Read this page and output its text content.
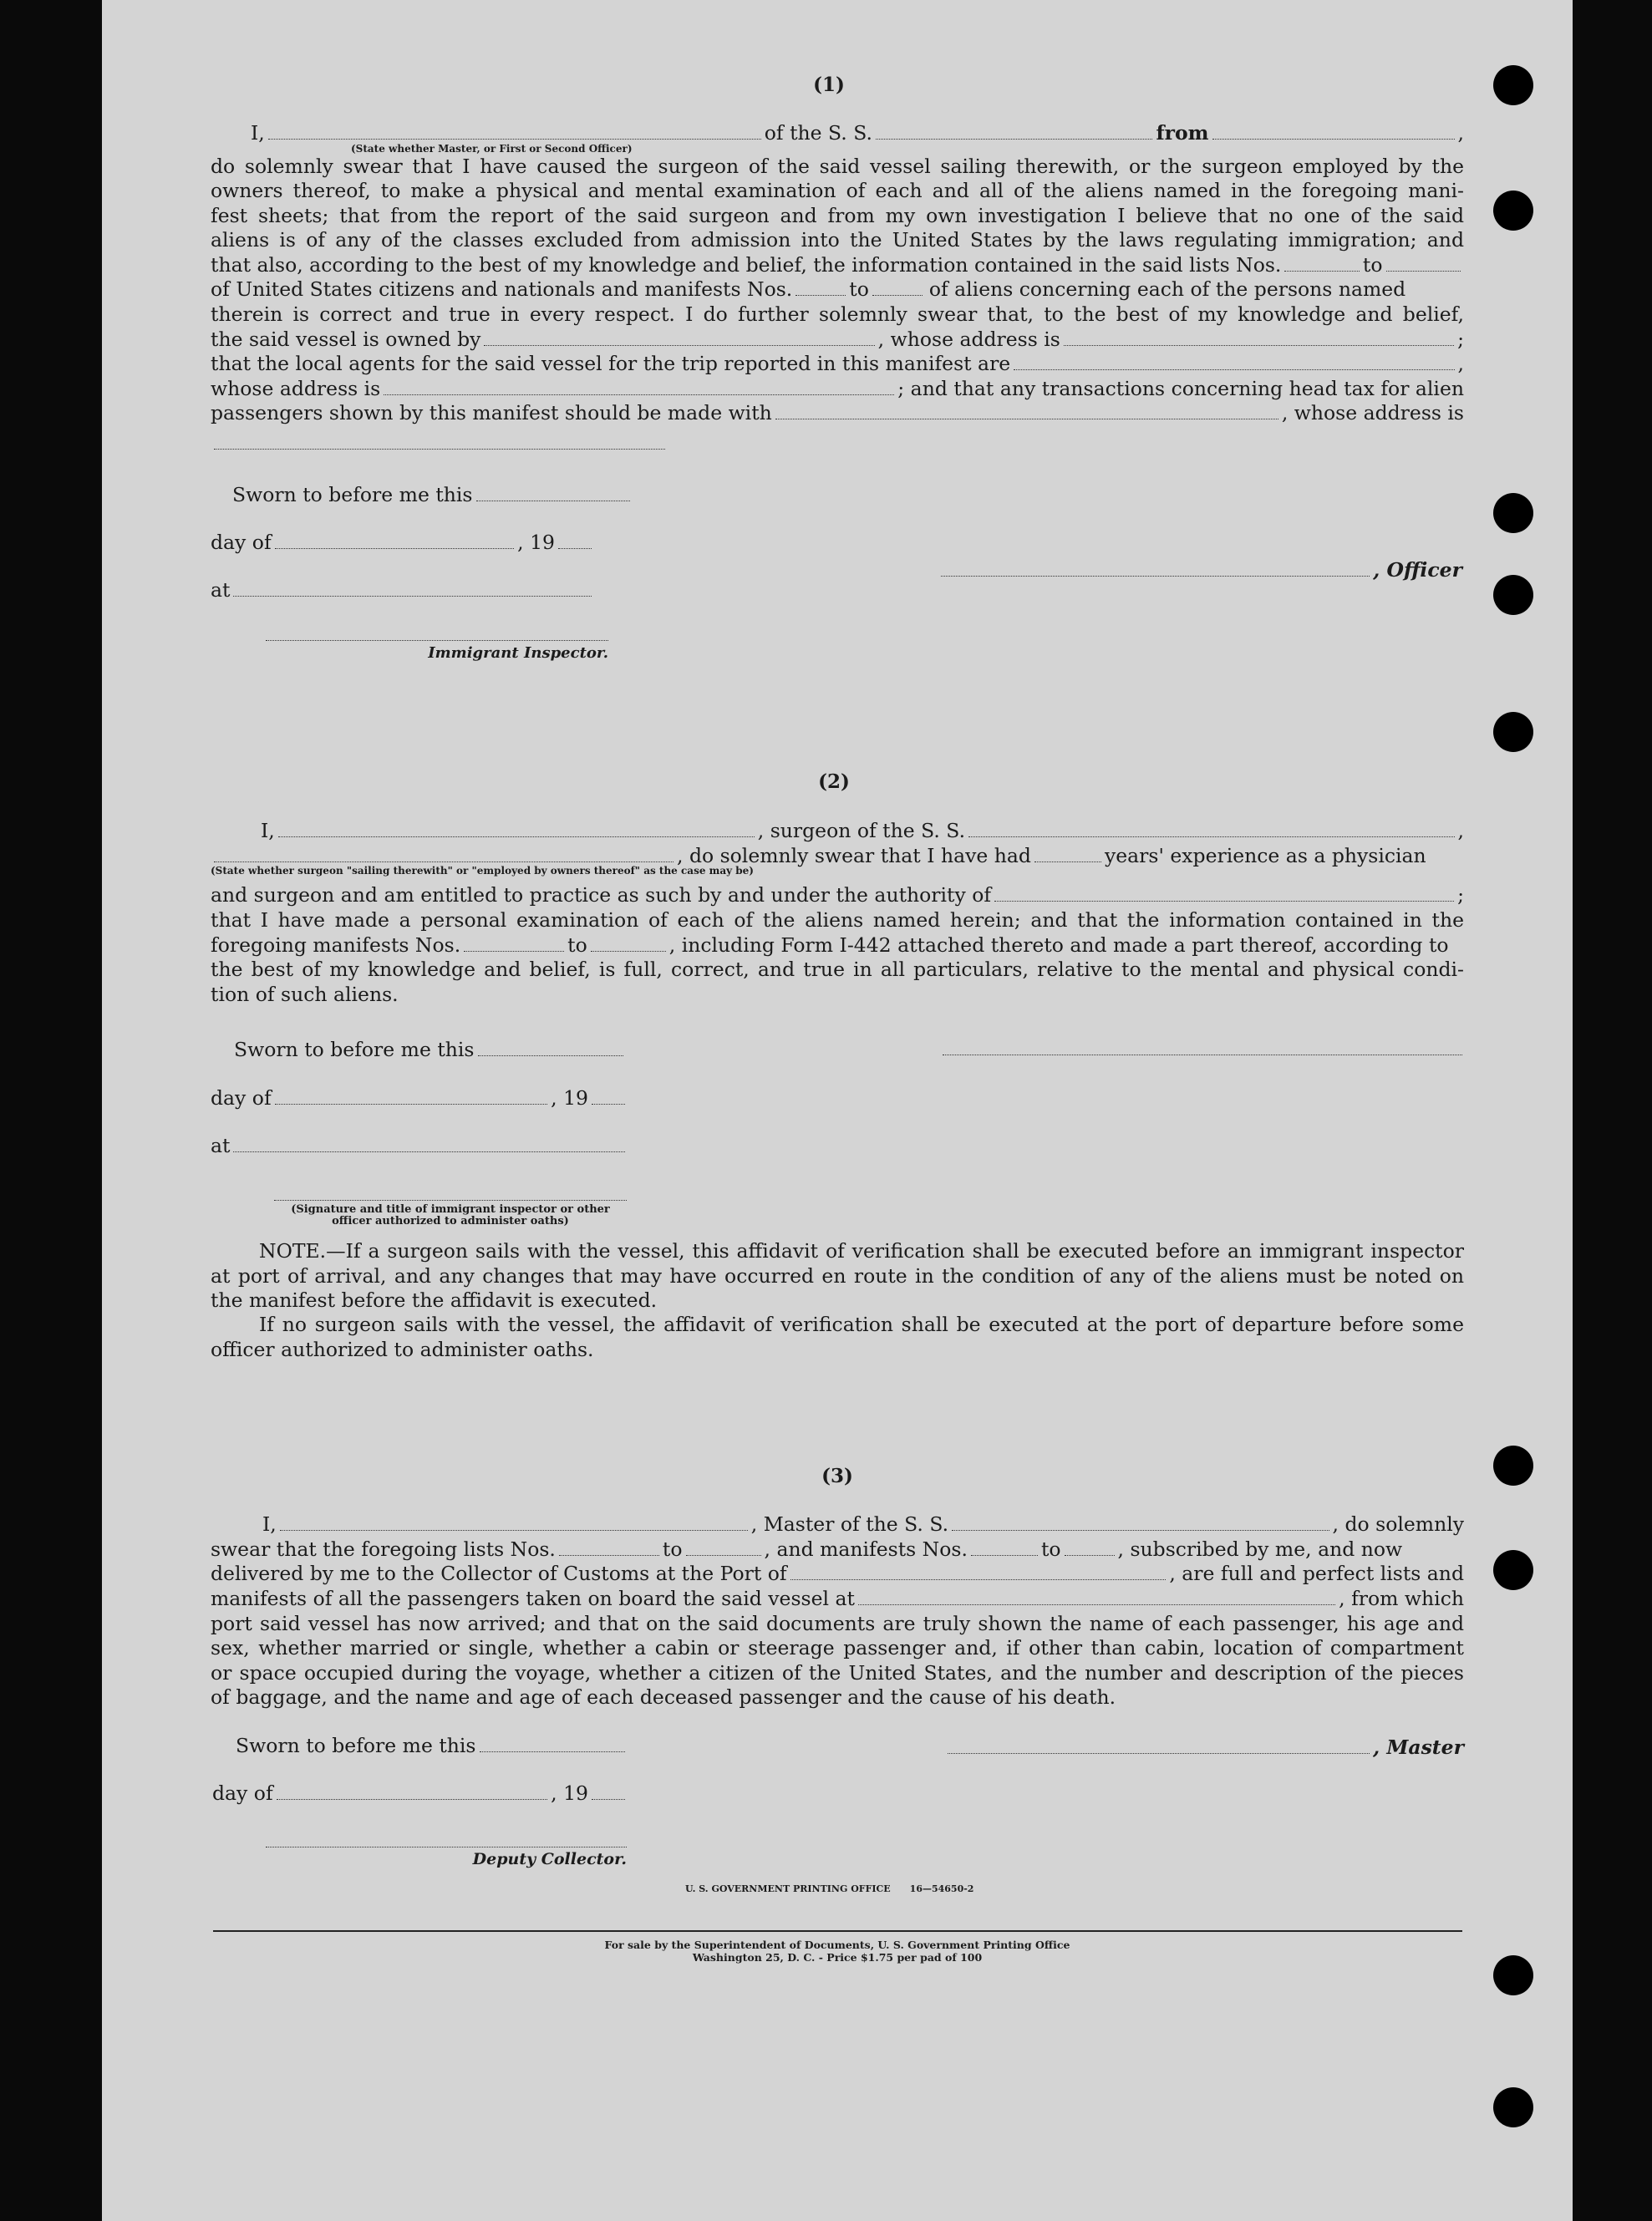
(1)
I,	of the S. S.	from	,
(State whether Master, or First or Second Officer)
do solemnly swear that I have caused the surgeon of the said vessel sailing therewith, or the surgeon employed by the
owners thereof, to make a physical and mental examination of each and all of the aliens named in the foregoing mani-
fest sheets; that from the report of the said surgeon and from my own investigation I believe that no one of the said
aliens is of any of the classes excluded from admission into the United States by the laws regulating immigration; and
that also, according to the best of my knowledge and belief, the information contained in the said lists Nos.	to
of United States citizens and nationals and manifests Nos.	to	of aliens concerning each of the persons named
therein is correct and true in every respect. I do further solemnly swear that, to the best of my knowledge and belief,
the said vessel is owned by	, whose address is	;
that the local agents for the said vessel for the trip reported in this manifest are	,
whose address is	; and that any transactions concerning head tax for alien
passengers shown by this manifest should be made with	, whose address is
Sworn to before me this
day of	, 19
at
, Officer
Immigrant Inspector.
(2)
I,	, surgeon of the S. S.	,
, do solemnly swear that I have had	years' experience as a physician
(State whether surgeon "sailing therewith" or "employed by owners thereof" as the case may be)
and surgeon and am entitled to practice as such by and under the authority of	;
that I have made a personal examination of each of the aliens named herein; and that the information contained in the
foregoing manifests Nos.	to	, including Form I-442 attached thereto and made a part thereof, according to
the best of my knowledge and belief, is full, correct, and true in all particulars, relative to the mental and physical condi-
tion of such aliens.
Sworn to before me this
day of	, 19
at
(Signature and title of immigrant inspector or other officer authorized to administer oaths)
NOTE.—If a surgeon sails with the vessel, this affidavit of verification shall be executed before an immigrant inspector at port of arrival, and any changes that may have occurred en route in the condition of any of the aliens must be noted on the manifest before the affidavit is executed.
If no surgeon sails with the vessel, the affidavit of verification shall be executed at the port of departure before some officer authorized to administer oaths.
(3)
I,	, Master of the S. S.	, do solemnly
swear that the foregoing lists Nos.	to	, and manifests Nos.	to	, subscribed by me, and now
delivered by me to the Collector of Customs at the Port of	, are full and perfect lists and
manifests of all the passengers taken on board the said vessel at	, from which
port said vessel has now arrived; and that on the said documents are truly shown the name of each passenger, his age and
sex, whether married or single, whether a cabin or steerage passenger and, if other than cabin, location of compartment
or space occupied during the voyage, whether a citizen of the United States, and the number and description of the pieces
of baggage, and the name and age of each deceased passenger and the cause of his death.
Sworn to before me this	, Master
day of	, 19
Deputy Collector.
U. S. GOVERNMENT PRINTING OFFICE      16—54650-2
For sale by the Superintendent of Documents, U. S. Government Printing Office
Washington 25, D. C. - Price $1.75 per pad of 100
